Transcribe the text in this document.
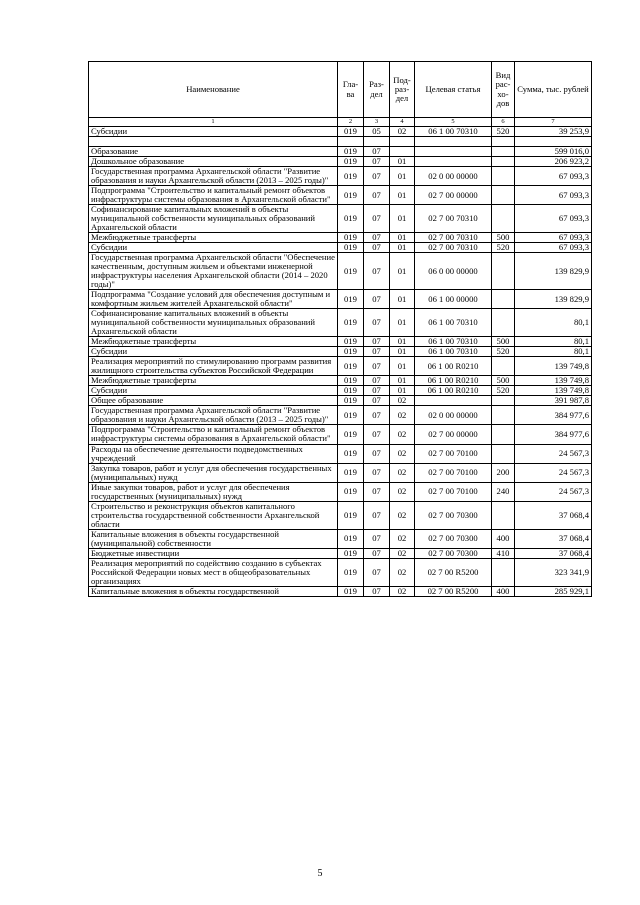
Наименование	Гла-ва	Раз-дел	Под-раз-дел	Целевая статья	Вид рас-хо-дов	Сумма, тыс. рублей
1	2	3	4	5	6	7
Субсидии	019	05	02	06 1 00 70310	520	39 253,9

Образование	019	07				599 016,0
Дошкольное образование	019	07	01			206 923,2
Государственная программа Архангельской области "Развитие образования и науки Архангельской области (2013 – 2025 годы)"	019	07	01	02 0 00 00000		67 093,3
Подпрограмма "Строительство и капитальный ремонт объектов инфраструктуры системы образования в Архангельской области"	019	07	01	02 7 00 00000		67 093,3
Софинансирование капитальных вложений в объекты муниципальной собственности муниципальных образований Архангельской области	019	07	01	02 7 00 70310		67 093,3
Межбюджетные трансферты	019	07	01	02 7 00 70310	500	67 093,3
Субсидии	019	07	01	02 7 00 70310	520	67 093,3
Государственная программа Архангельской области "Обеспечение качественным, доступным жильем и объектами инженерной инфраструктуры населения Архангельской области (2014 – 2020 годы)"	019	07	01	06 0 00 00000		139 829,9
Подпрограмма "Создание условий для обеспечения доступным и комфортным жильем жителей Архангельской области"	019	07	01	06 1 00 00000		139 829,9
Софинансирование капитальных вложений в объекты муниципальной собственности муниципальных образований Архангельской области	019	07	01	06 1 00 70310		80,1
Межбюджетные трансферты	019	07	01	06 1 00 70310	500	80,1
Субсидии	019	07	01	06 1 00 70310	520	80,1
Реализация мероприятий по стимулированию программ развития жилищного строительства субъектов Российской Федерации	019	07	01	06 1 00 R0210		139 749,8
Межбюджетные трансферты	019	07	01	06 1 00 R0210	500	139 749,8
Субсидии	019	07	01	06 1 00 R0210	520	139 749,8
Общее образование	019	07	02			391 987,8
Государственная программа Архангельской области "Развитие образования и науки Архангельской области (2013 – 2025 годы)"	019	07	02	02 0 00 00000		384 977,6
Подпрограмма "Строительство и капитальный ремонт объектов инфраструктуры системы образования в Архангельской области"	019	07	02	02 7 00 00000		384 977,6
Расходы на обеспечение деятельности подведомственных учреждений	019	07	02	02 7 00 70100		24 567,3
Закупка товаров, работ и услуг для обеспечения государственных (муниципальных) нужд	019	07	02	02 7 00 70100	200	24 567,3
Иные закупки товаров, работ и услуг для обеспечения государственных (муниципальных) нужд	019	07	02	02 7 00 70100	240	24 567,3
Строительство и реконструкция объектов капитального строительства государственной собственности Архангельской области	019	07	02	02 7 00 70300		37 068,4
Капитальные вложения в объекты государственной (муниципальной) собственности	019	07	02	02 7 00 70300	400	37 068,4
Бюджетные инвестиции	019	07	02	02 7 00 70300	410	37 068,4
Реализация мероприятий по содействию созданию в субъектах Российской Федерации новых мест в общеобразовательных организациях	019	07	02	02 7 00 R5200		323 341,9
Капитальные вложения в объекты государственной	019	07	02	02 7 00 R5200	400	285 929,1
5
